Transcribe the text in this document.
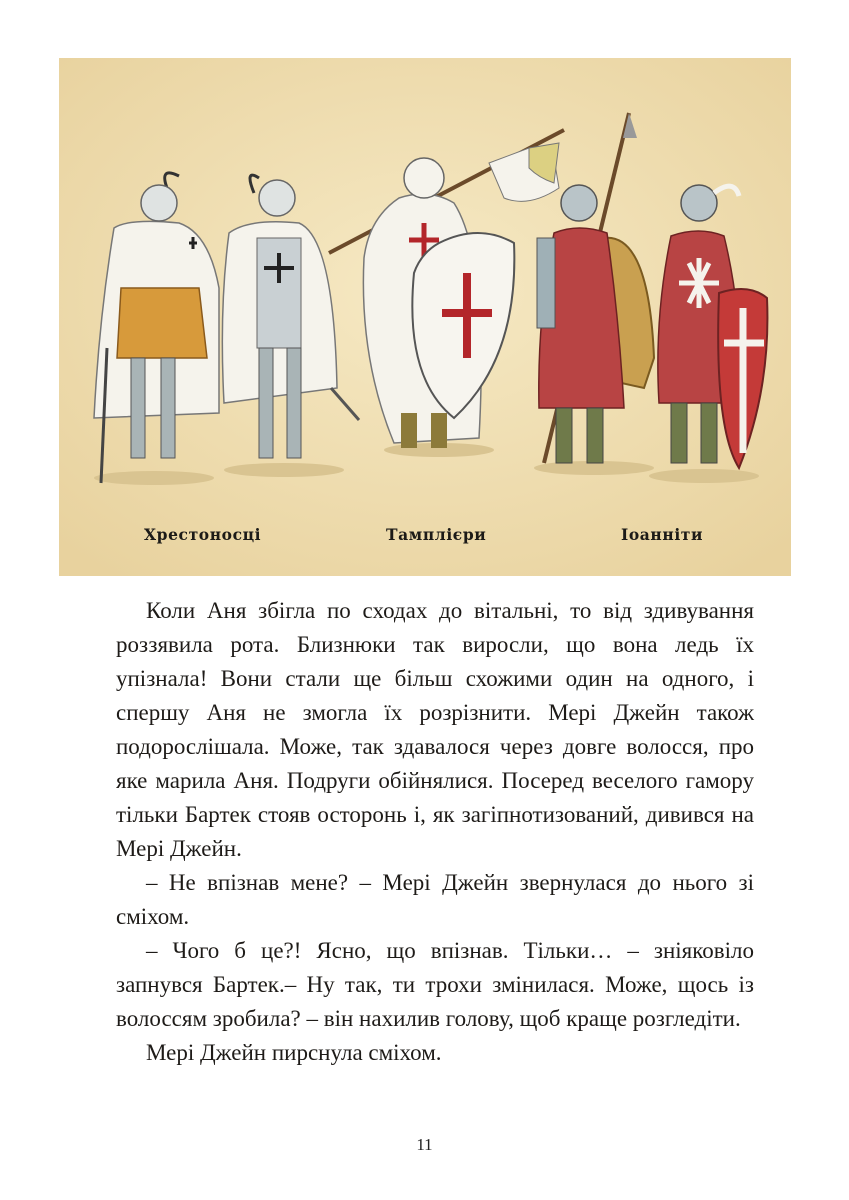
Хрестоносці	Тамплієри	Іоанніти

Коли Аня збігла по сходах до вітальні, то від здивування роззявила рота. Близнюки так виросли, що вона ледь їх упізнала! Вони стали ще більш схожими один на одного, і спершу Аня не змогла їх розрізнити. Мері Джейн також подорослішала. Може, так здавалося через довге волосся, про яке марила Аня. Подруги обійнялися. Посеред веселого гамору тільки Бартек стояв осторонь і, як загіпнотизований, дивився на Мері Джейн.

– Не впізнав мене? – Мері Джейн звернулася до нього зі сміхом.

– Чого б це?! Ясно, що впізнав. Тільки… – зніяковіло запнувся Бартек.– Ну так, ти трохи змінилася. Може, щось із волоссям зробила? – він нахилив голову, щоб краще розгледіти.

Мері Джейн пирснула сміхом.

11
